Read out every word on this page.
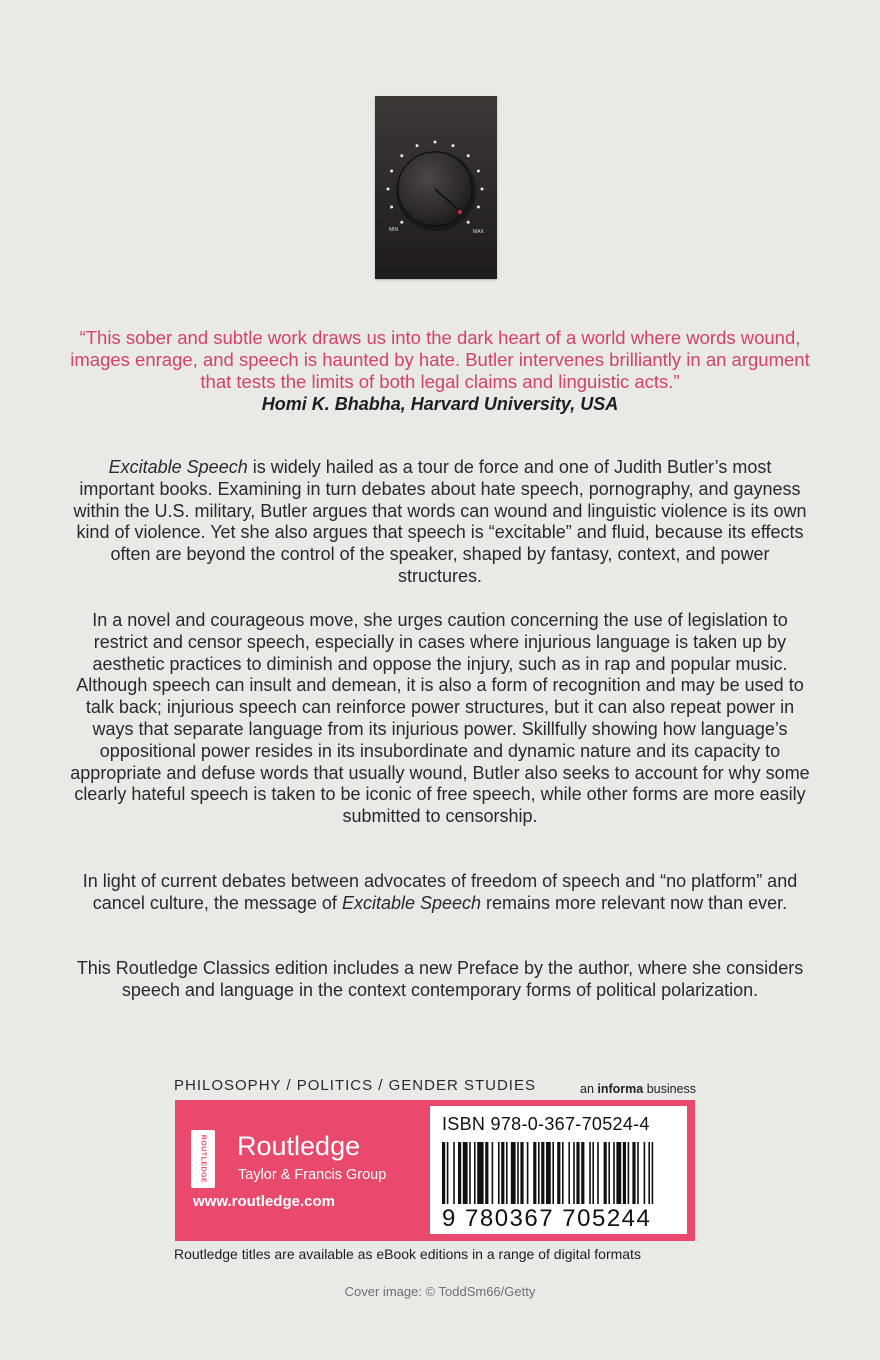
MIN	MAX
“This sober and subtle work draws us into the dark heart of a world where words wound, images enrage, and speech is haunted by hate. Butler intervenes brilliantly in an argument that tests the limits of both legal claims and linguistic acts.”
Homi K. Bhabha, Harvard University, USA
Excitable Speech is widely hailed as a tour de force and one of Judith Butler’s most important books. Examining in turn debates about hate speech, pornography, and gayness within the U.S. military, Butler argues that words can wound and linguistic violence is its own kind of violence. Yet she also argues that speech is “excitable” and fluid, because its effects often are beyond the control of the speaker, shaped by fantasy, context, and power structures.
In a novel and courageous move, she urges caution concerning the use of legislation to restrict and censor speech, especially in cases where injurious language is taken up by aesthetic practices to diminish and oppose the injury, such as in rap and popular music. Although speech can insult and demean, it is also a form of recognition and may be used to talk back; injurious speech can reinforce power structures, but it can also repeat power in ways that separate language from its injurious power. Skillfully showing how language’s oppositional power resides in its insubordinate and dynamic nature and its capacity to appropriate and defuse words that usually wound, Butler also seeks to account for why some clearly hateful speech is taken to be iconic of free speech, while other forms are more easily submitted to censorship.
In light of current debates between advocates of freedom of speech and “no platform” and cancel culture, the message of Excitable Speech remains more relevant now than ever.
This Routledge Classics edition includes a new Preface by the author, where she considers speech and language in the context contemporary forms of political polarization.
PHILOSOPHY / POLITICS / GENDER STUDIES	an informa business
ROUTLEDGE Routledge
Taylor & Francis Group
www.routledge.com
ISBN 978-0-367-70524-4
9 780367 705244
Routledge titles are available as eBook editions in a range of digital formats
Cover image: © ToddSm66/Getty
